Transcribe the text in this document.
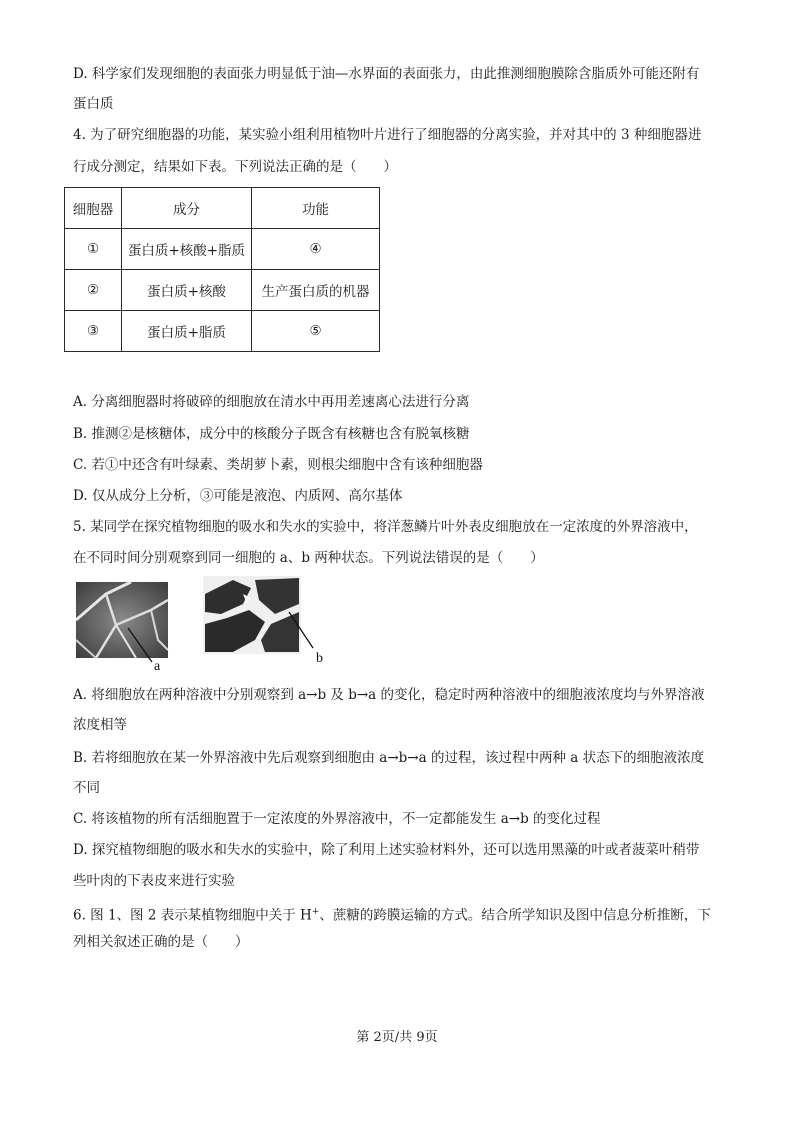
D. 科学家们发现细胞的表面张力明显低于油—水界面的表面张力，由此推测细胞膜除含脂质外可能还附有
蛋白质
4. 为了研究细胞器的功能，某实验小组利用植物叶片进行了细胞器的分离实验，并对其中的 3 种细胞器进
行成分测定，结果如下表。下列说法正确的是（　　）
细胞器	成分	功能
①	蛋白质+核酸+脂质	④
②	蛋白质+核酸	生产蛋白质的机器
③	蛋白质+脂质	⑤
A. 分离细胞器时将破碎的细胞放在清水中再用差速离心法进行分离
B. 推测②是核糖体，成分中的核酸分子既含有核糖也含有脱氧核糖
C. 若①中还含有叶绿素、类胡萝卜素，则根尖细胞中含有该种细胞器
D. 仅从成分上分析，③可能是液泡、内质网、高尔基体
5. 某同学在探究植物细胞的吸水和失水的实验中，将洋葱鳞片叶外表皮细胞放在一定浓度的外界溶液中，
在不同时间分别观察到同一细胞的 a、b 两种状态。下列说法错误的是（　　）
a
b
A. 将细胞放在两种溶液中分别观察到 a→b 及 b→a 的变化，稳定时两种溶液中的细胞液浓度均与外界溶液
浓度相等
B. 若将细胞放在某一外界溶液中先后观察到细胞由 a→b→a 的过程，该过程中两种 a 状态下的细胞液浓度
不同
C. 将该植物的所有活细胞置于一定浓度的外界溶液中，不一定都能发生 a→b 的变化过程
D. 探究植物细胞的吸水和失水的实验中，除了利用上述实验材料外，还可以选用黑藻的叶或者菠菜叶稍带
些叶肉的下表皮来进行实验
6. 图 1、图 2 表示某植物细胞中关于 H+、蔗糖的跨膜运输的方式。结合所学知识及图中信息分析推断，下
列相关叙述正确的是（　　）
第 2页/共 9页
